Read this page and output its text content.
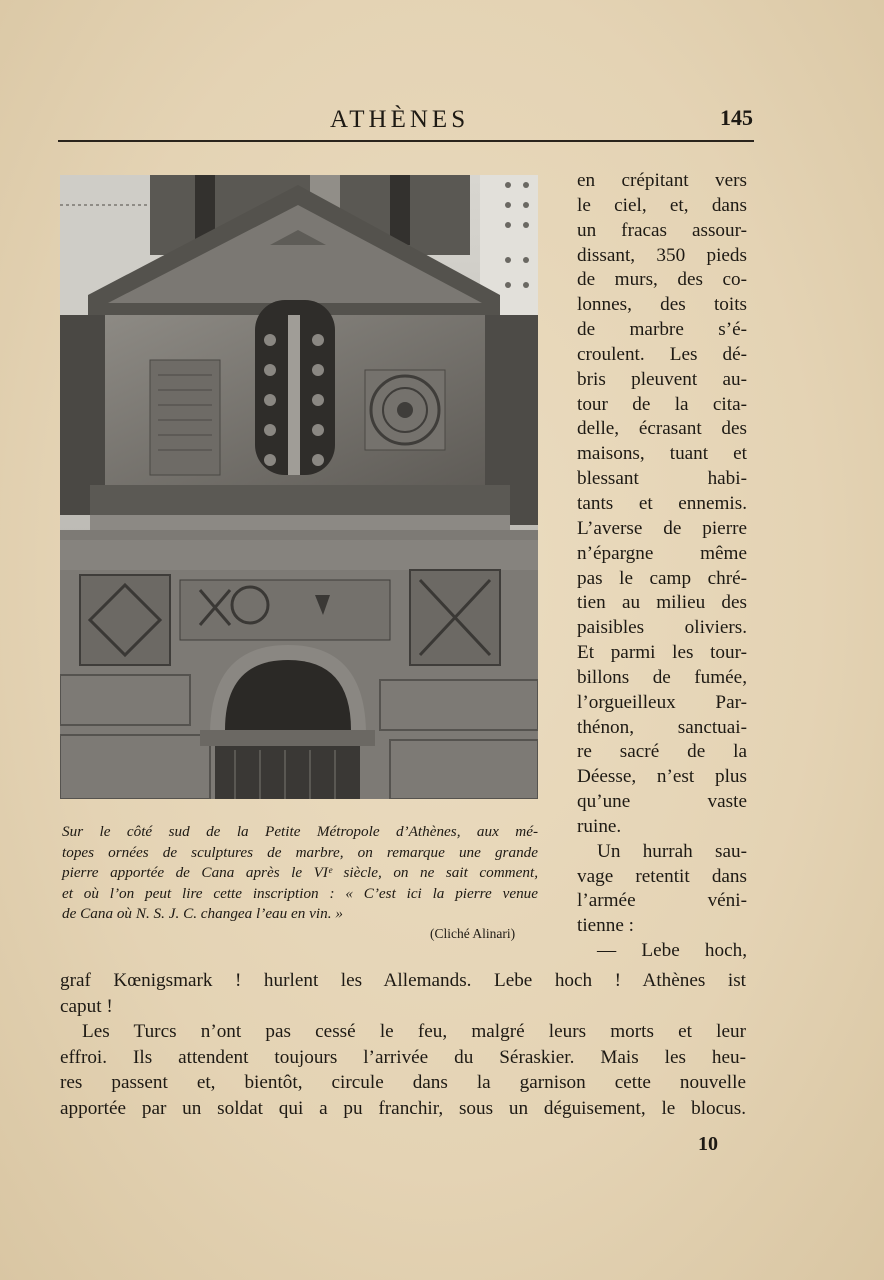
ATHÈNES	145
Sur le côté sud de la Petite Métropole d’Athènes, aux mé-
topes ornées de sculptures de marbre, on remarque une grande
pierre apportée de Cana après le VIᵉ siècle, on ne sait comment,
et où l’on peut lire cette inscription : « C’est ici la pierre venue
de Cana où N. S. J. C. changea l’eau en vin. »
(Cliché Alinari)
en crépitant vers
le ciel, et, dans
un fracas assour-
dissant, 350 pieds
de murs, des co-
lonnes, des toits
de marbre s’é-
croulent. Les dé-
bris pleuvent au-
tour de la cita-
delle, écrasant des
maisons, tuant et
blessant habi-
tants et ennemis.
L’averse de pierre
n’épargne même
pas le camp chré-
tien au milieu des
paisibles oliviers.
Et parmi les tour-
billons de fumée,
l’orgueilleux Par-
thénon, sanctuai-
re sacré de la
Déesse, n’est plus
qu’une vaste
ruine.
Un hurrah sau-
vage retentit dans
l’armée véni-
tienne :
— Lebe hoch,
graf Kœnigsmark ! hurlent les Allemands. Lebe hoch ! Athènes ist
caput !
Les Turcs n’ont pas cessé le feu, malgré leurs morts et leur
effroi. Ils attendent toujours l’arrivée du Séraskier. Mais les heu-
res passent et, bientôt, circule dans la garnison cette nouvelle
apportée par un soldat qui a pu franchir, sous un déguisement, le blocus.
10
